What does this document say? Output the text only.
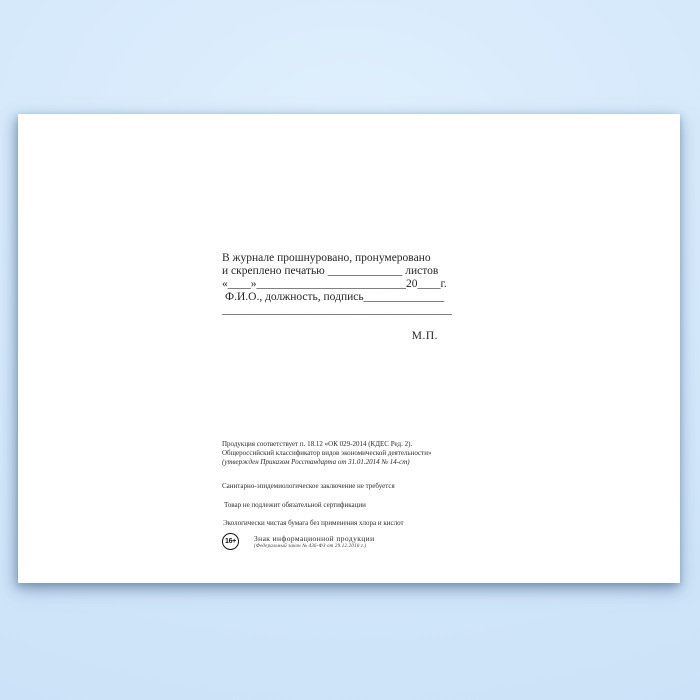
В журнале прошнуровано, пронумеровано
и скреплено печатью _____________ листов
«____»__________________________20____г.
Ф.И.О., должность, подпись______________
________________________________________
М.П.
Продукция соответствует п. 18.12 «ОК 029-2014 (КДЕС Ред. 2).
Общероссийский классификатор видов экономической деятельности»
(утвержден Приказом Росстандарта от 31.01.2014 № 14-ст)
Санитарно-эпидемиологическое заключение не требуется
Товар не подлежит обязательной сертификации
Экологически чистая бумага без применения хлора и кислот
16+	Знак информационной продукции
(Федеральный закон № 436-ФЗ от 29.12.2010 г.)
